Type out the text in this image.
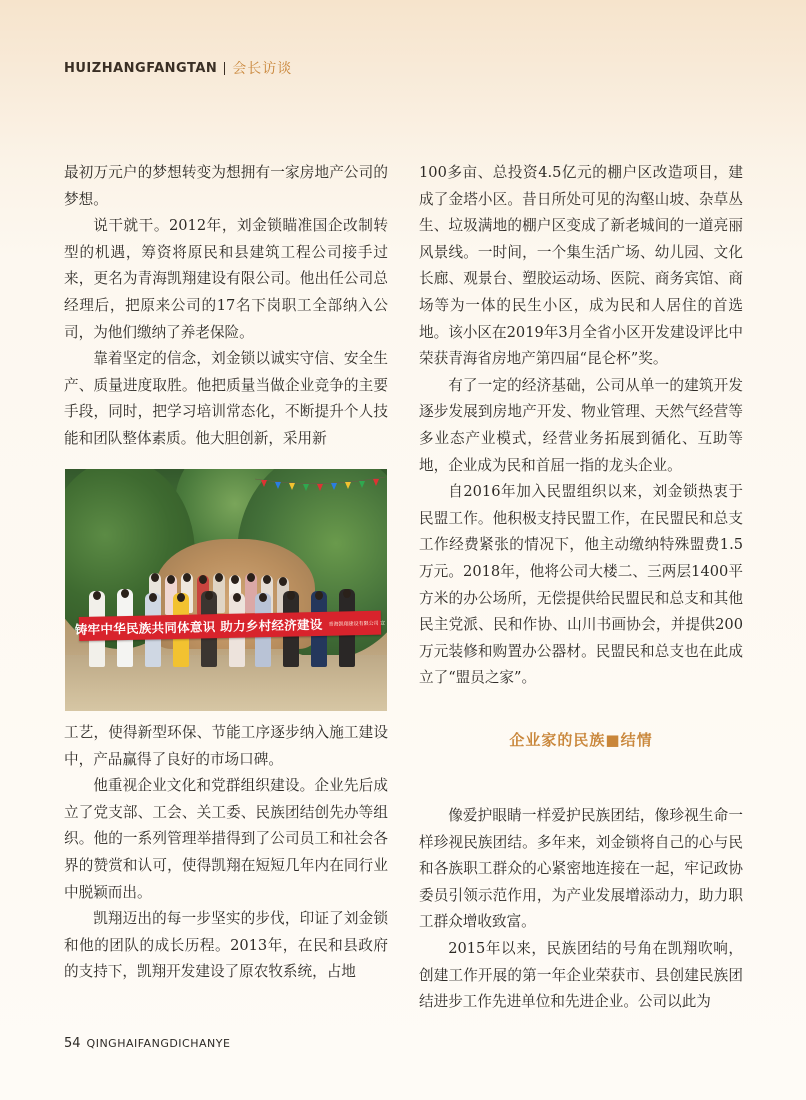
HUIZHANGFANGTAN 会长访谈

最初万元户的梦想转变为想拥有一家房地产公司的梦想。

说干就干。2012年，刘金锁瞄准国企改制转型的机遇，筹资将原民和县建筑工程公司接手过来，更名为青海凯翔建设有限公司。他出任公司总经理后，把原来公司的17名下岗职工全部纳入公司，为他们缴纳了养老保险。

靠着坚定的信念，刘金锁以诚实守信、安全生产、质量进度取胜。他把质量当做企业竞争的主要手段，同时，把学习培训常态化，不断提升个人技能和团队整体素质。他大胆创新，采用新

铸牢中华民族共同体意识 助力乡村经济建设 青海凯翔建设有限公司 宣

工艺，使得新型环保、节能工序逐步纳入施工建设中，产品赢得了良好的市场口碑。

他重视企业文化和党群组织建设。企业先后成立了党支部、工会、关工委、民族团结创先办等组织。他的一系列管理举措得到了公司员工和社会各界的赞赏和认可，使得凯翔在短短几年内在同行业中脱颖而出。

凯翔迈出的每一步坚实的步伐，印证了刘金锁和他的团队的成长历程。2013年，在民和县政府的支持下，凯翔开发建设了原农牧系统，占地

100多亩、总投资4.5亿元的棚户区改造项目，建成了金塔小区。昔日所处可见的沟壑山坡、杂草丛生、垃圾满地的棚户区变成了新老城间的一道亮丽风景线。一时间，一个集生活广场、幼儿园、文化长廊、观景台、塑胶运动场、医院、商务宾馆、商场等为一体的民生小区，成为民和人居住的首选地。该小区在2019年3月全省小区开发建设评比中荣获青海省房地产第四届“昆仑杯”奖。

有了一定的经济基础，公司从单一的建筑开发逐步发展到房地产开发、物业管理、天然气经营等多业态产业模式，经营业务拓展到循化、互助等地，企业成为民和首屈一指的龙头企业。

自2016年加入民盟组织以来，刘金锁热衷于民盟工作。他积极支持民盟工作，在民盟民和总支工作经费紧张的情况下，他主动缴纳特殊盟费1.5万元。2018年，他将公司大楼二、三两层1400平方米的办公场所，无偿提供给民盟民和总支和其他民主党派、民和作协、山川书画协会，并提供200万元装修和购置办公器材。民盟民和总支也在此成立了“盟员之家”。

企业家的民族■结情

像爱护眼睛一样爱护民族团结，像珍视生命一样珍视民族团结。多年来，刘金锁将自己的心与民和各族职工群众的心紧密地连接在一起，牢记政协委员引领示范作用，为产业发展增添动力，助力职工群众增收致富。

2015年以来，民族团结的号角在凯翔吹响，创建工作开展的第一年企业荣获市、县创建民族团结进步工作先进单位和先进企业。公司以此为

54 QINGHAIFANGDICHANYE
